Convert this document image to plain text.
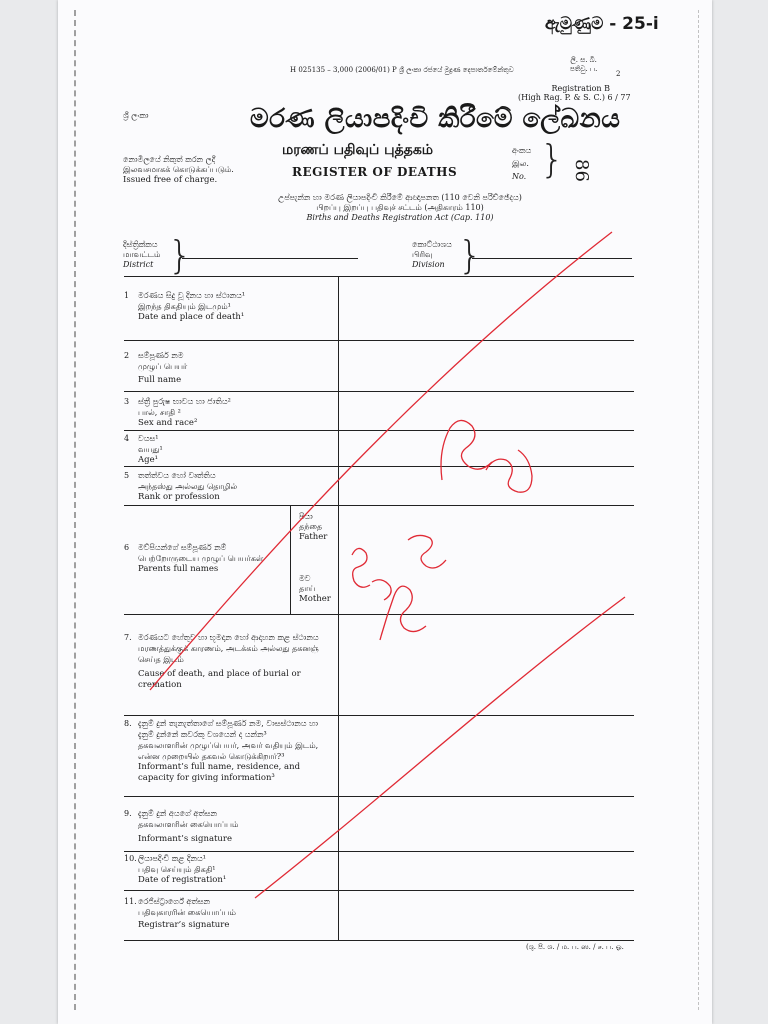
ඇමුණුම - 25-i
H 025135 – 3,000 (2006/01) P ශ්‍රී ලංකා රජයේ මුද්‍රණ දෙපාර්තමේන්තුව
ලි. ස. බි.
පතිවු. ப.
2
Registration B
(High Rag. P. & S. C.) 6 / 77
ශ්‍රී ලංකා	මරණ ලියාපදිංචි කිරීමේ ලේඛනය
மரணப் பதிவுப் புத்தகம்
REGISTER OF DEATHS
නොමිලයේ නිකුත් කරන ලදී
இலவசமாகக் கொடுக்கப்படும்.
Issued free of charge.
අංකය
இல.
No. } 86
උප්පැන්න හා මරණ ලියාපදිංචි කිරීමේ ආඥාපනත (110 වෙනි පරිච්ඡේදය)
பிறப்பு இறப்பு பதிவுச் சட்டம் (அதிகாரம் 110)
Births and Deaths Registration Act (Cap. 110)
දිස්ත්‍රික්කය
மாவட்டம்
District }	කොට්ඨාශය
பிரிவு
Division }
1	මරණය සිදු වූ දිනය හා ස්ථානය¹
இறந்த திகதியும் இடமும்¹
Date and place of death¹
2	සම්පූර්ණ නම
முழுப் பெயர்
Full name
3	ස්ත්‍රී පුරුෂ භාවය හා ජාතිය²
பால், சாதி ²
Sex and race²
4	වයස¹
வயது¹
Age¹
5	තත්ත්වය හෝ වෘත්තිය
அந்தஸ்து அல்லது தொழில்
Rank or profession
6	මව්පියන්ගේ සම්පූර්ණ නම්
பெற்றோருடைய முழுப் பெயர்கள்
Parents full names
පියා
தந்தை
Father
මව
தாய்
Mother
7. මරණයට හේතුව හා භූමදාන හෝ ආදාහන කළ ස්ථානය
மரணத்துக்குக் காரணம், அடக்கம் அல்லது தகனஞ் செய்த இடம்
Cause of death, and place of burial or cremation
8. දැනුම් දුන් තැනැත්තාගේ සම්පූර්ණ නම, වාසස්ථානය හා දැනුම් දුන්නේ කවරකු වශයෙන් ද යන්න³
தகவலாளரின் முழுப்பெயர், அவர் வதியும் இடம், என்ன முறையில் தகவல் கொடுக்கிறார்?³
Informant’s full name, residence, and capacity for giving information³
9. දැනුම් දුන් අයගේ අත්සන
தகவலாளரின் கையொப்பம்
Informant’s signature
10. ලියාපදිංචි කළ දිනය¹
பதிவு செய்யும் திகதி¹
Date of registration¹
11. රෙජිස්ට්‍රාර්ගේ අත්සන
பதிவுகாரரின் கையொப்பம்
Registrar’s signature
(ශු. පි. ශ. / ம. ப. ஸ. / ச. ப. ஓ.
